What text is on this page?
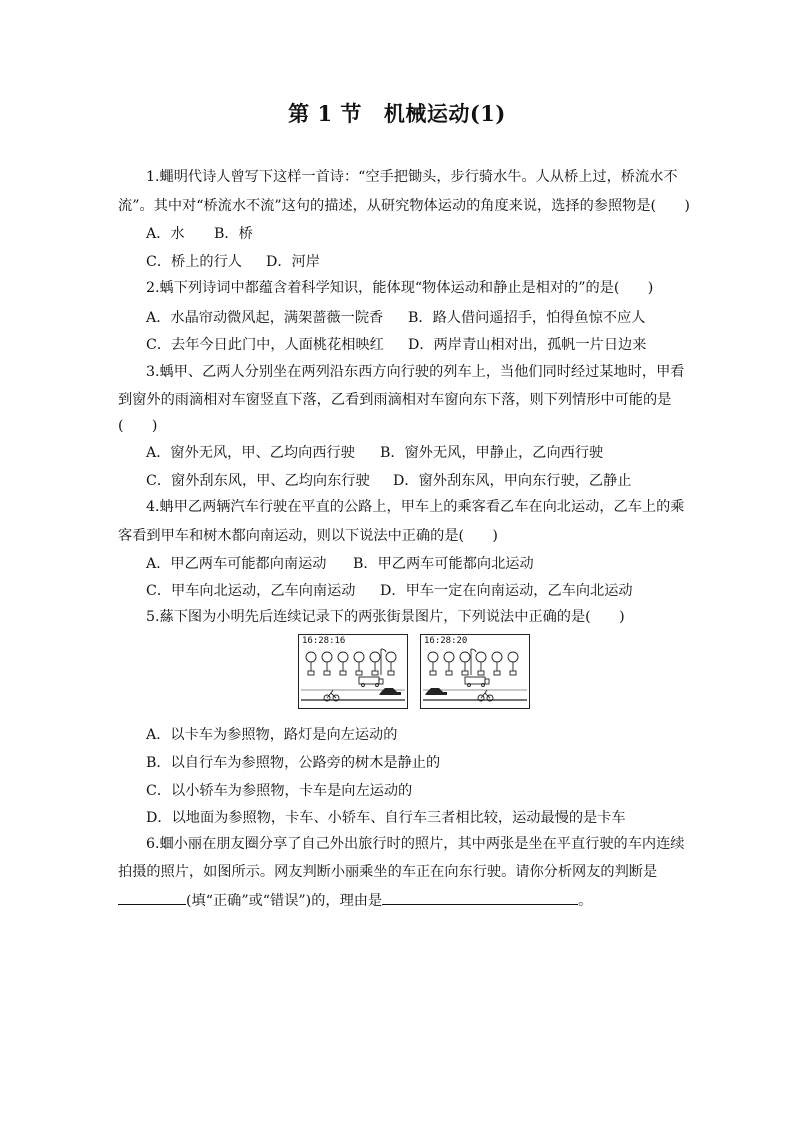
第 1 节 机械运动(1)
1.蠅明代诗人曾写下这样一首诗：“空手把锄头，步行骑水牛。人从桥上过，桥流水不
流”。其中对“桥流水不流”这句的描述，从研究物体运动的角度来说，选择的参照物是(　　)
A．水 B．桥
C．桥上的行人 D．河岸
2.蝺下列诗词中都蕴含着科学知识，能体现“物体运动和静止是相对的”的是(　　)
A．水晶帘动微风起，满架蔷薇一院香 B．路人借问遥招手，怕得鱼惊不应人
C．去年今日此门中，人面桃花相映红 D．两岸青山相对出，孤帆一片日边来
3.蝺甲、乙两人分别坐在两列沿东西方向行驶的列车上，当他们同时经过某地时，甲看
到窗外的雨滴相对车窗竖直下落，乙看到雨滴相对车窗向东下落，则下列情形中可能的是
(　　)
A．窗外无风，甲、乙均向西行驶 B．窗外无风，甲静止，乙向西行驶
C．窗外刮东风，甲、乙均向东行驶 D．窗外刮东风，甲向东行驶，乙静止
4.蚺甲乙两辆汽车行驶在平直的公路上，甲车上的乘客看乙车在向北运动，乙车上的乘
客看到甲车和树木都向南运动，则以下说法中正确的是(　　)
A．甲乙两车可能都向南运动 B．甲乙两车可能都向北运动
C．甲车向北运动，乙车向南运动 D．甲车一定在向南运动，乙车向北运动
5.蕬下图为小明先后连续记录下的两张街景图片，下列说法中正确的是(　　)
16:28:16	16:28:20
A．以卡车为参照物，路灯是向左运动的
B．以自行车为参照物，公路旁的树木是静止的
C．以小轿车为参照物，卡车是向左运动的
D．以地面为参照物，卡车、小轿车、自行车三者相比较，运动最慢的是卡车
6.蜖小丽在朋友圈分享了自己外出旅行时的照片，其中两张是坐在平直行驶的车内连续
拍摄的照片，如图所示。网友判断小丽乘坐的车正在向东行驶。请你分析网友的判断是
(填“正确”或“错误”)的，理由是	。
